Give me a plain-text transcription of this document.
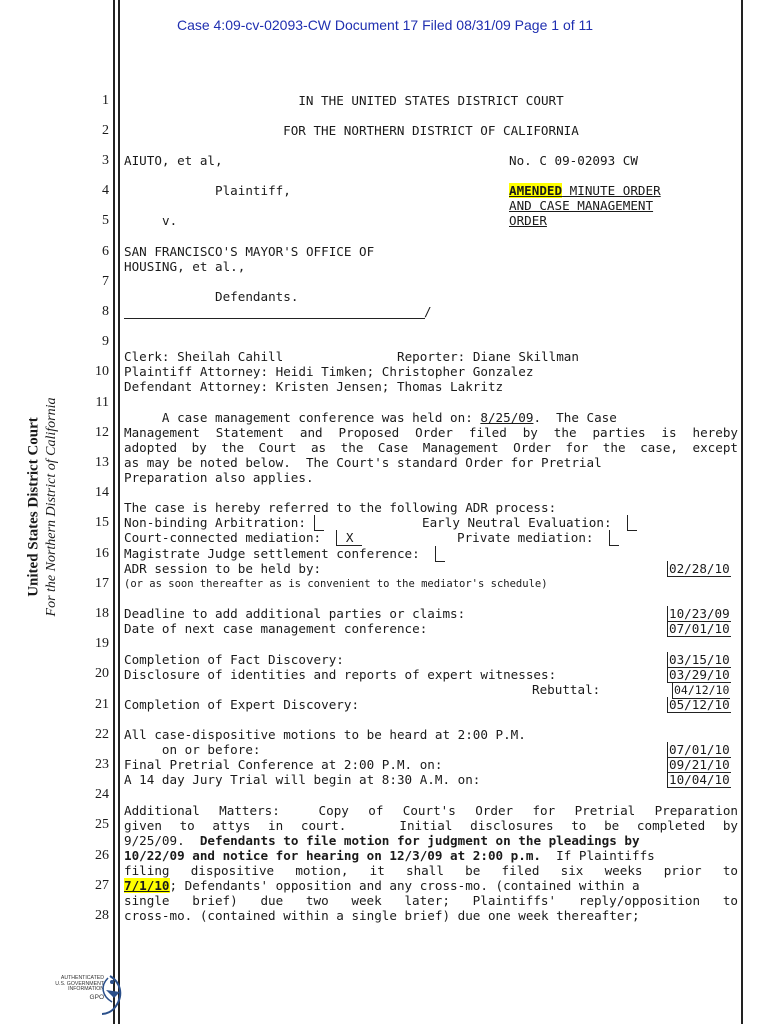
Case 4:09-cv-02093-CW Document 17 Filed 08/31/09 Page 1 of 11
United States District Court For the Northern District of California
1
2
3
4
5
6
7
8
9
10
11
12
13
14
15
16
17
18
19
20
21
22
23
24
25
26
27
28
IN THE UNITED STATES DISTRICT COURT
FOR THE NORTHERN DISTRICT OF CALIFORNIA
AIUTO, et al,	No. C 09-02093 CW
Plaintiff,	AMENDED MINUTE ORDER
AND CASE MANAGEMENT
ORDER
v.
SAN FRANCISCO'S MAYOR'S OFFICE OF
HOUSING, et al.,
Defendants.
/
Clerk: Sheilah Cahill	Reporter: Diane Skillman
Plaintiff Attorney: Heidi Timken; Christopher Gonzalez
Defendant Attorney: Kristen Jensen; Thomas Lakritz
A case management conference was held on: 8/25/09.  The Case
Management Statement and Proposed Order filed by the parties is hereby
adopted by the Court as the Case Management Order for the case, except
as may be noted below.  The Court's standard Order for Pretrial
Preparation also applies.
The case is hereby referred to the following ADR process:
Non-binding Arbitration:	Early Neutral Evaluation:
Court-connected mediation:   X	Private mediation:
Magistrate Judge settlement conference:
ADR session to be held by:	02/28/10
(or as soon thereafter as is convenient to the mediator's schedule)
Deadline to add additional parties or claims:	10/23/09
Date of next case management conference:	07/01/10
Completion of Fact Discovery:	03/15/10
Disclosure of identities and reports of expert witnesses:	03/29/10
Rebuttal:	04/12/10
Completion of Expert Discovery:	05/12/10
All case-dispositive motions to be heard at 2:00 P.M.
on or before:	07/01/10
Final Pretrial Conference at 2:00 P.M. on:	09/21/10
A 14 day Jury Trial will begin at 8:30 A.M. on:	10/04/10
Additional Matters:  Copy of Court's Order for Pretrial Preparation
given to attys in court.   Initial disclosures to be completed by
9/25/09.  Defendants to file motion for judgment on the pleadings by
10/22/09 and notice for hearing on 12/3/09 at 2:00 p.m.  If Plaintiffs
filing dispositive motion, it shall be filed six weeks prior to
7/1/10; Defendants' opposition and any cross-mo. (contained within a
single brief) due two week later; Plaintiffs' reply/opposition to
cross-mo. (contained within a single brief) due one week thereafter;
AUTHENTICATED
U.S. GOVERNMENT
INFORMATION
GPO
